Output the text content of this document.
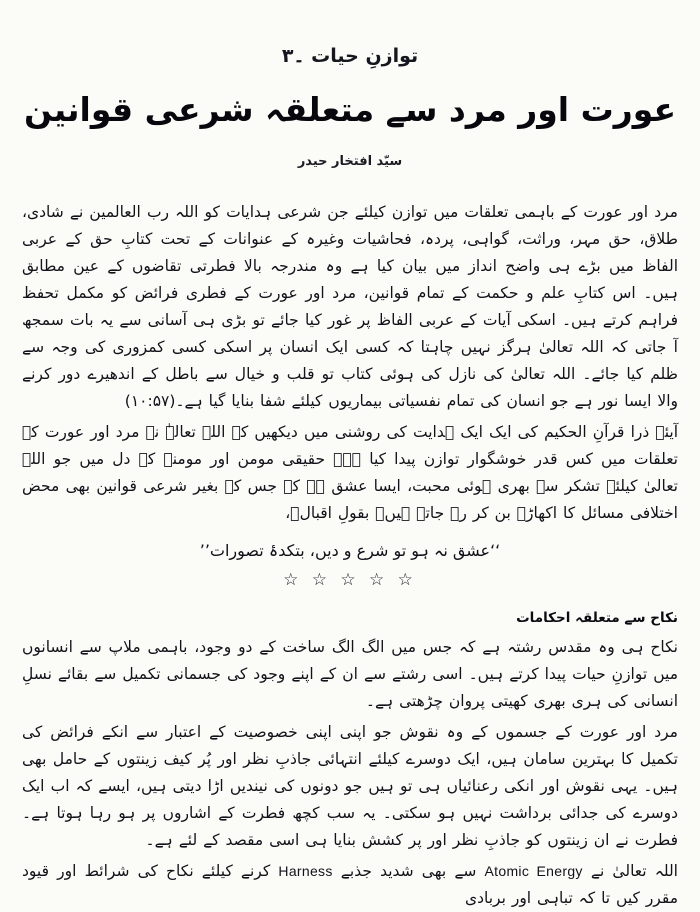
توازنِ حیات ۔۳
عورت اور مرد سے متعلقہ شرعی قوانین
سیّد افتخار حیدر

مرد اور عورت کے باہمی تعلقات میں توازن کیلئے جن شرعی ہدایات کو اللہ رب العالمین نے شادی، طلاق، حق مہر، وراثت، گواہی، پردہ، فحاشیات وغیرہ کے عنوانات کے تحت کتابِ حق کے عربی الفاظ میں بڑے ہی واضح انداز میں بیان کیا ہے وہ مندرجہ بالا فطرتی تقاضوں کے عین مطابق ہیں۔ اس کتابِ علم و حکمت کے تمام قوانین، مرد اور عورت کے فطری فرائض کو مکمل تحفظ فراہم کرتے ہیں۔ اسکی آیات کے عربی الفاظ پر غور کیا جائے تو بڑی ہی آسانی سے یہ بات سمجھ آ جاتی کہ اللہ تعالیٰ ہرگز نہیں چاہتا کہ کسی ایک انسان پر اسکی کسی کمزوری کی وجہ سے ظلم کیا جائے۔ اللہ تعالیٰ کی نازل کی ہوئی کتاب تو قلب و خیال سے باطل کے اندھیرے دور کرنے والا ایسا نور ہے جو انسان کی تمام نفسیاتی بیماریوں کیلئے شفا بنایا گیا ہے۔(۱۰:۵۷)

آیئے ذرا قرآنِ الحکیم کی ایک ایک ہدایت کی روشنی میں دیکھیں کہ اللہ تعالےٰ نے مرد اور عورت کے تعلقات میں کس قدر خوشگوار توازن پیدا کیا ہے۔ حقیقی مومن اور مومنہ کے دل میں جو اللہ تعالیٰ کیلئے تشکر سے بھری ہوئی محبت، ایسا عشق ہے کہ جس کے بغیر شرعی قوانین بھی محض اختلافی مسائل کا اکھاڑہ بن کر رہ جاتے ہیں۔ بقولِ اقبالؒ،

‘‘عشق نہ ہو تو شرع و دیں، بتکدۂ تصورات’’
☆ ☆ ☆ ☆ ☆
نکاح سے متعلقہ احکامات

نکاح ہی وہ مقدس رشتہ ہے کہ جس میں الگ الگ ساخت کے دو وجود، باہمی ملاپ سے انسانوں میں توازنِ حیات پیدا کرتے ہیں۔ اسی رشتے سے ان کے اپنے وجود کی جسمانی تکمیل سے بقائے نسلِ انسانی کی ہری بھری کھیتی پروان چڑھتی ہے۔

مرد اور عورت کے جسموں کے وہ نقوش جو اپنی اپنی خصوصیت کے اعتبار سے انکے فرائض کی تکمیل کا بہترین سامان ہیں، ایک دوسرے کیلئے انتہائی جاذبِ نظر اور پُر کیف زینتوں کے حامل بھی ہیں۔ یہی نقوش اور انکی رعنائیاں ہی تو ہیں جو دونوں کی نیندیں اڑا دیتی ہیں، ایسے کہ اب ایک دوسرے کی جدائی برداشت نہیں ہو سکتی۔ یہ سب کچھ فطرت کے اشاروں پر ہو رہا ہوتا ہے۔ فطرت نے ان زینتوں کو جاذبِ نظر اور پر کشش بنایا ہی اسی مقصد کے لئے ہے۔

اللہ تعالیٰ نے Atomic Energy سے بھی شدید جذبے Harness کرنے کیلئے نکاح کی شرائط اور قیود مقرر کیں تا کہ تباہی اور بربادی
